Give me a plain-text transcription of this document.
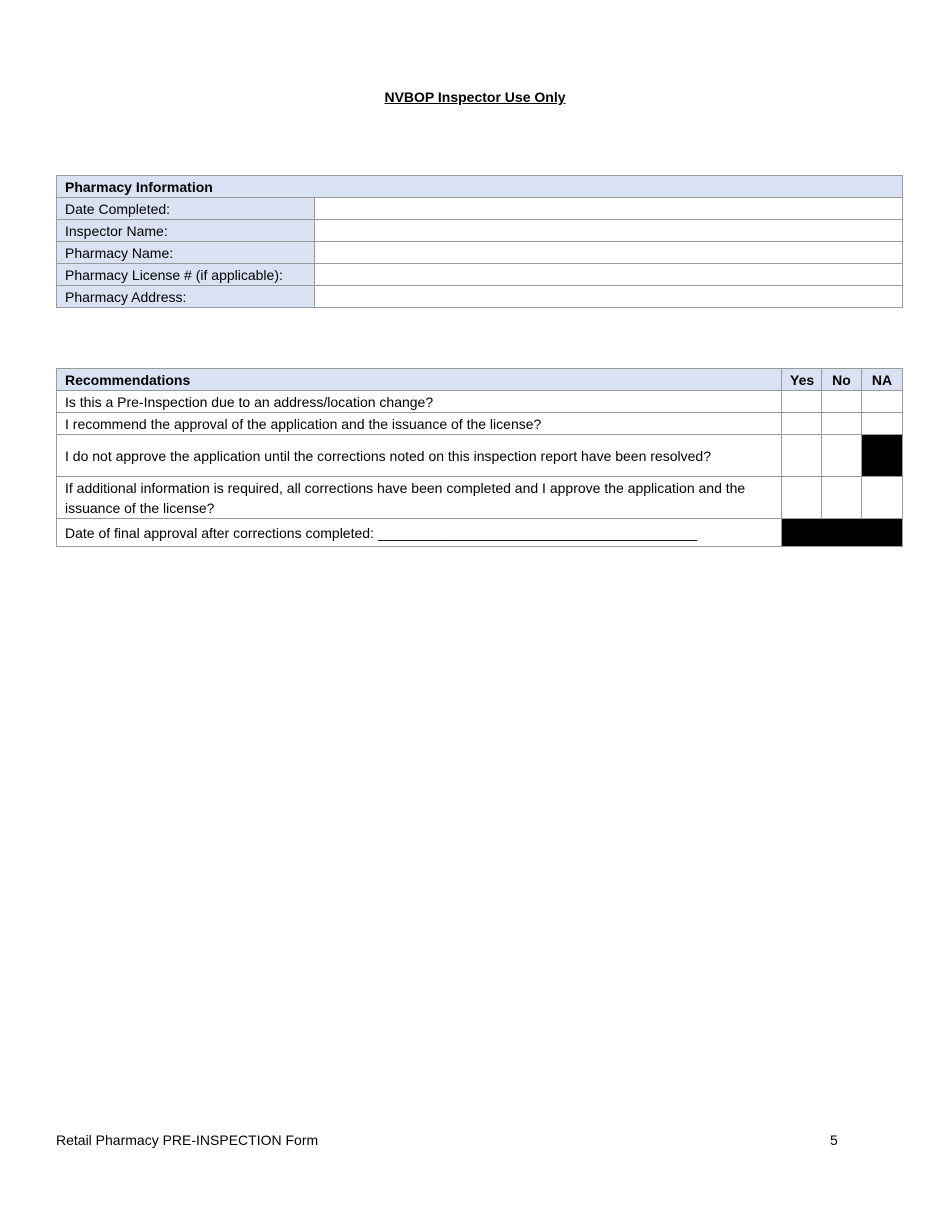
NVBOP Inspector Use Only
Pharmacy Information	
Date Completed:	
Inspector Name:	
Pharmacy Name:	
Pharmacy License # (if applicable):	
Pharmacy Address:	
Recommendations	Yes	No	NA
Is this a Pre-Inspection due to an address/location change?			
I recommend the approval of the application and the issuance of the license?			
I do not approve the application until the corrections noted on this inspection report have been resolved?			
If additional information is required, all corrections have been completed and I approve the application and the issuance of the license?			
Date of final approval after corrections completed: _________________________________________			
Retail Pharmacy PRE-INSPECTION Form	5
